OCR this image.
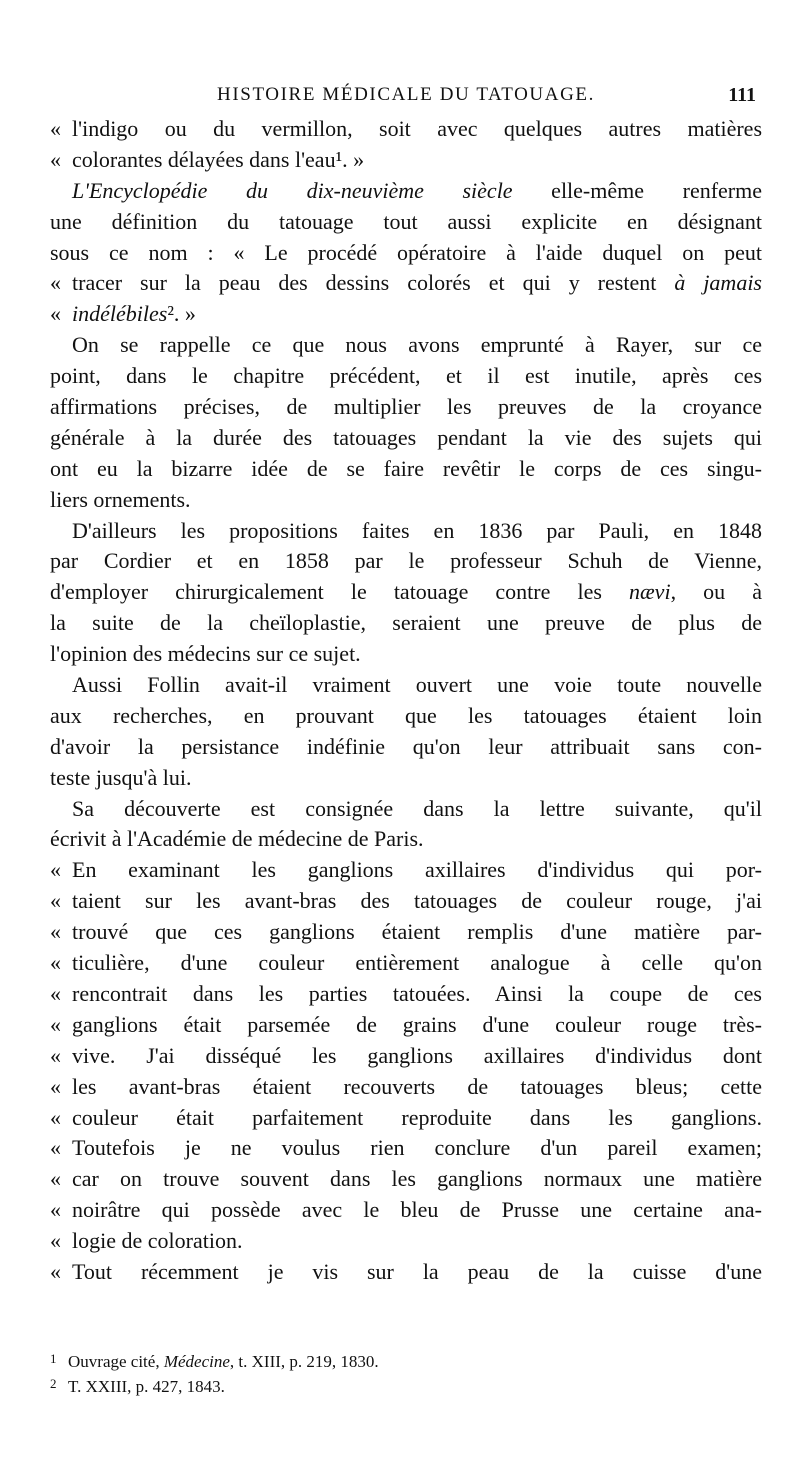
HISTOIRE MÉDICALE DU TATOUAGE.	111
« l'indigo ou du vermillon, soit avec quelques autres matières
« colorantes délayées dans l'eau¹. »
L'Encyclopédie du dix-neuvième siècle elle-même renferme
une définition du tatouage tout aussi explicite en désignant
sous ce nom : « Le procédé opératoire à l'aide duquel on peut
« tracer sur la peau des dessins colorés et qui y restent à jamais
« indélébiles². »
On se rappelle ce que nous avons emprunté à Rayer, sur ce
point, dans le chapitre précédent, et il est inutile, après ces
affirmations précises, de multiplier les preuves de la croyance
générale à la durée des tatouages pendant la vie des sujets qui
ont eu la bizarre idée de se faire revêtir le corps de ces singu-
liers ornements.
D'ailleurs les propositions faites en 1836 par Pauli, en 1848
par Cordier et en 1858 par le professeur Schuh de Vienne,
d'employer chirurgicalement le tatouage contre les nævi, ou à
la suite de la cheïloplastie, seraient une preuve de plus de
l'opinion des médecins sur ce sujet.
Aussi Follin avait-il vraiment ouvert une voie toute nouvelle
aux recherches, en prouvant que les tatouages étaient loin
d'avoir la persistance indéfinie qu'on leur attribuait sans con-
teste jusqu'à lui.
Sa découverte est consignée dans la lettre suivante, qu'il
écrivit à l'Académie de médecine de Paris.
« En examinant les ganglions axillaires d'individus qui por-
« taient sur les avant-bras des tatouages de couleur rouge, j'ai
« trouvé que ces ganglions étaient remplis d'une matière par-
« ticulière, d'une couleur entièrement analogue à celle qu'on
« rencontrait dans les parties tatouées. Ainsi la coupe de ces
« ganglions était parsemée de grains d'une couleur rouge très-
« vive. J'ai disséqué les ganglions axillaires d'individus dont
« les avant-bras étaient recouverts de tatouages bleus; cette
« couleur était parfaitement reproduite dans les ganglions.
« Toutefois je ne voulus rien conclure d'un pareil examen;
« car on trouve souvent dans les ganglions normaux une matière
« noirâtre qui possède avec le bleu de Prusse une certaine ana-
« logie de coloration.
« Tout récemment je vis sur la peau de la cuisse d'une
1 Ouvrage cité, Médecine, t. XIII, p. 219, 1830.
2 T. XXIII, p. 427, 1843.
